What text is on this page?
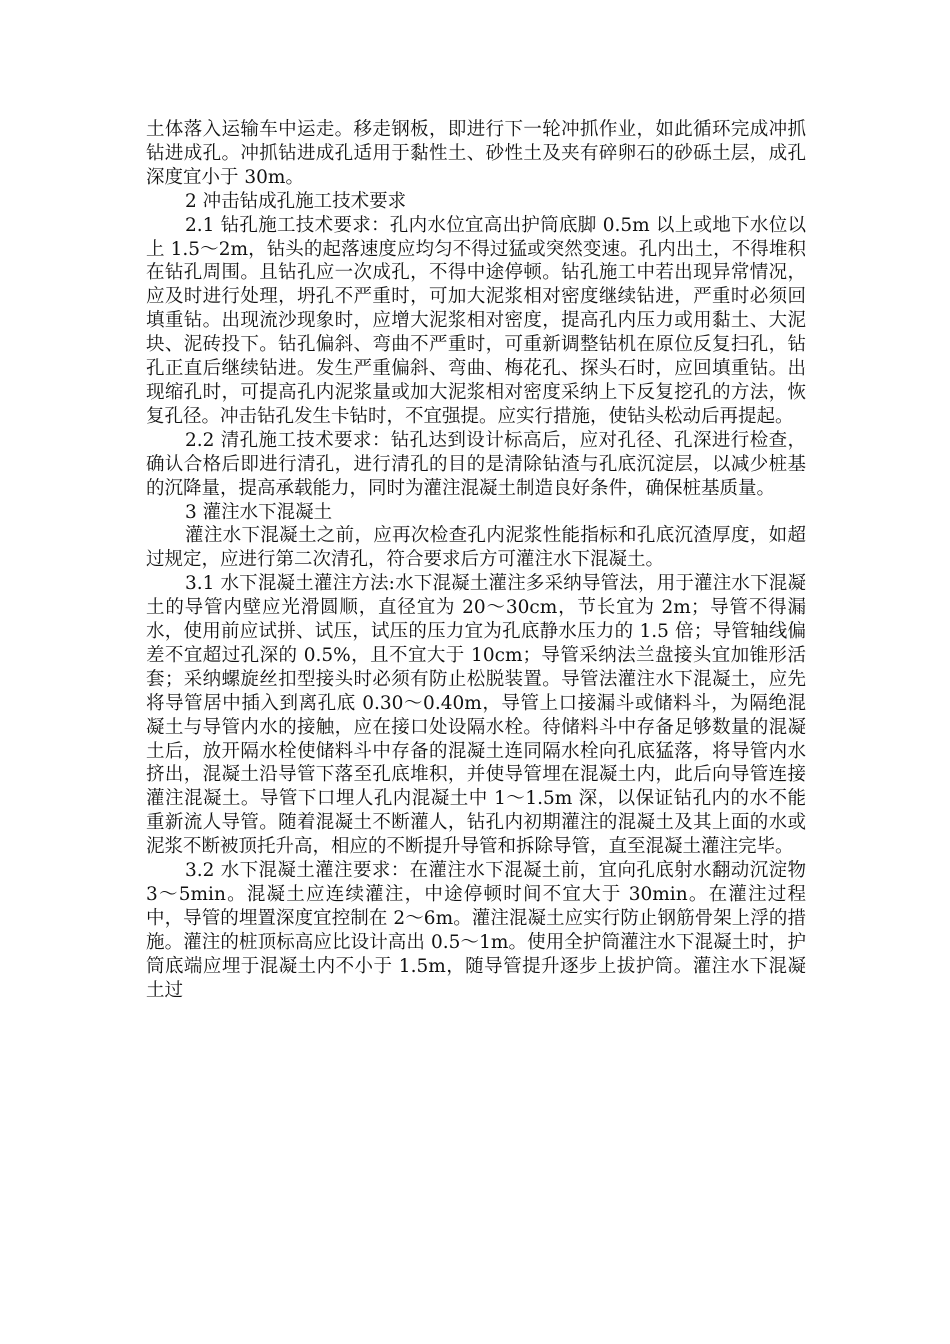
土体落入运输车中运走。移走钢板，即进行下一轮冲抓作业，如此循环完成冲抓钻进成孔。冲抓钻进成孔适用于黏性土、砂性土及夹有碎卵石的砂砾土层，成孔深度宜小于 30m。

2 冲击钻成孔施工技术要求

2.1 钻孔施工技术要求：孔内水位宜高出护筒底脚 0.5m 以上或地下水位以上 1.5～2m，钻头的起落速度应均匀不得过猛或突然变速。孔内出土，不得堆积在钻孔周围。且钻孔应一次成孔，不得中途停顿。钻孔施工中若出现异常情况，应及时进行处理，坍孔不严重时，可加大泥浆相对密度继续钻进，严重时必须回填重钻。出现流沙现象时，应增大泥浆相对密度，提高孔内压力或用黏土、大泥块、泥砖投下。钻孔偏斜、弯曲不严重时，可重新调整钻机在原位反复扫孔，钻孔正直后继续钻进。发生严重偏斜、弯曲、梅花孔、探头石时，应回填重钻。出现缩孔时，可提高孔内泥浆量或加大泥浆相对密度采纳上下反复挖孔的方法，恢复孔径。冲击钻孔发生卡钻时，不宜强提。应实行措施，使钻头松动后再提起。

2.2 清孔施工技术要求：钻孔达到设计标高后，应对孔径、孔深进行检查，确认合格后即进行清孔，进行清孔的目的是清除钻渣与孔底沉淀层，以减少桩基的沉降量，提高承载能力，同时为灌注混凝土制造良好条件，确保桩基质量。

3 灌注水下混凝土

灌注水下混凝土之前，应再次检查孔内泥浆性能指标和孔底沉渣厚度，如超过规定，应进行第二次清孔，符合要求后方可灌注水下混凝土。

3.1 水下混凝土灌注方法:水下混凝土灌注多采纳导管法，用于灌注水下混凝土的导管内壁应光滑圆顺，直径宜为 20～30cm，节长宜为 2m；导管不得漏水，使用前应试拼、试压，试压的压力宜为孔底静水压力的 1.5 倍；导管轴线偏差不宜超过孔深的 0.5%，且不宜大于 10cm；导管采纳法兰盘接头宜加锥形活套；采纳螺旋丝扣型接头时必须有防止松脱装置。导管法灌注水下混凝土，应先将导管居中插入到离孔底 0.30～0.40m，导管上口接漏斗或储料斗，为隔绝混凝土与导管内水的接触，应在接口处设隔水栓。待储料斗中存备足够数量的混凝土后，放开隔水栓使储料斗中存备的混凝土连同隔水栓向孔底猛落，将导管内水挤出，混凝土沿导管下落至孔底堆积，并使导管埋在混凝土内，此后向导管连接灌注混凝土。导管下口埋人孔内混凝土中 1～1.5m 深，以保证钻孔内的水不能重新流人导管。随着混凝土不断灌人，钻孔内初期灌注的混凝土及其上面的水或泥浆不断被顶托升高，相应的不断提升导管和拆除导管，直至混凝土灌注完毕。

3.2 水下混凝土灌注要求：在灌注水下混凝土前，宜向孔底射水翻动沉淀物 3～5min。混凝土应连续灌注，中途停顿时间不宜大于 30min。在灌注过程中，导管的埋置深度宜控制在 2～6m。灌注混凝土应实行防止钢筋骨架上浮的措施。灌注的桩顶标高应比设计高出 0.5～1m。使用全护筒灌注水下混凝土时，护筒底端应埋于混凝土内不小于 1.5m，随导管提升逐步上拔护筒。灌注水下混凝土过
